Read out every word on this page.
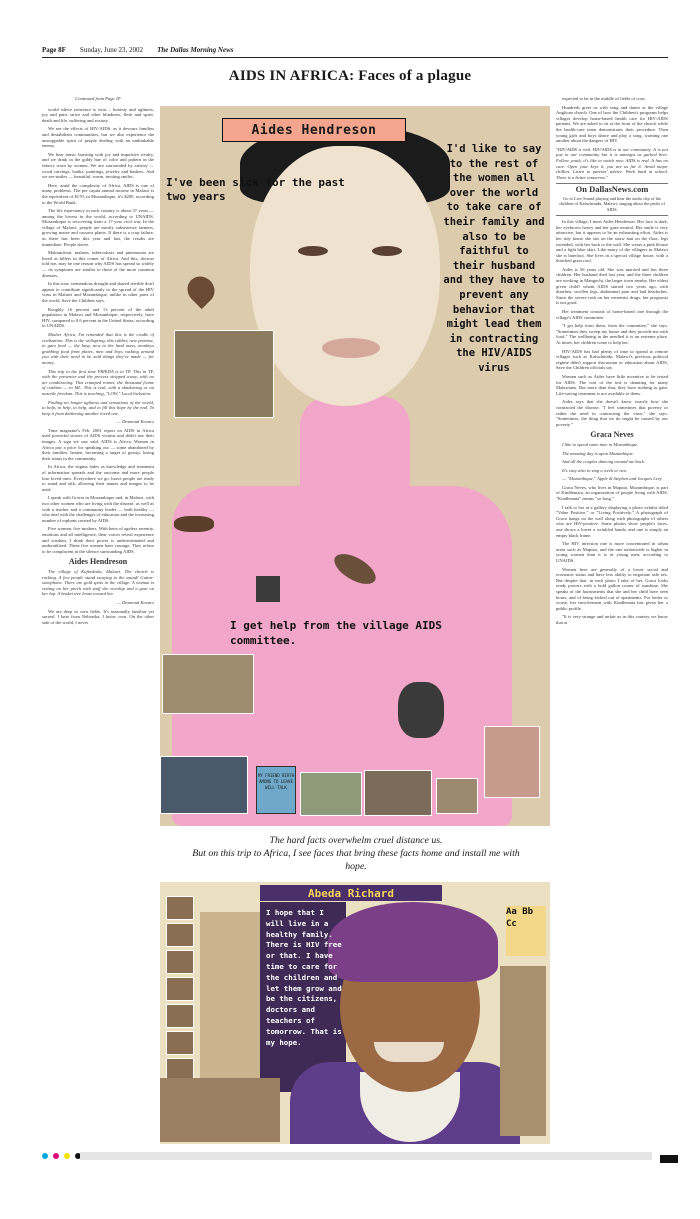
Page 8F Sunday, June 23, 2002 The Dallas Morning News
AIDS IN AFRICA: Faces of a plague

Continued from Page 1F

world where existence is exist – honesty and ugliness, joy and pain, strive and other blindness, flesh and spirit, death and life, suffering and ecstasy.

We see the effects of HIV/AIDS, as it devours families and destabilizes communities, but we also experience the unstoppable spirit of people dealing with an unthinkable enemy.

We hear music bursting with joy and impulsive rivalry, and we drink in the giddy hue of color and pattern in the fabrics worn by women. We are surrounded by artistry — wood carvings, batiks, paintings, jewelry and baskets. And we see smiles — beautiful, warm, inviting smiles.

Here, amid the complexity of Africa, AIDS is one of many problems. The per capita annual income in Malawi is the equivalent of $170, in Mozambique, it's $200, according to the World Bank.

The life expectancy in each country is about 37 years — among the lowest in the world, according to UNAIDS. Mozambique is recovering from a 17-year civil war. In the village of Malawi, people are mostly subsistence farmers, growing maize and cassava plants. If there is a crop failure, as there has been this year and last, the results are immediate. People starve.

Malnutrition, malaria, tuberculosis and pneumonia are listed as killers in this comer of Africa. And this, doctors told me, may be one reason why AIDS has spread so widely — its symptoms are similar to those of the more common diseases.

In this tone, tremendous drought and shared terrible don't appear to contribute significantly to the spread of the HIV virus in Malawi and Mozambique, unlike in other parts of the world, Save the Children says.

Roughly 16 percent and 13 percent of the adult population in Malawi and Mozambique, respectively, have HIV, compared to 0.6 percent in the United States, according to UNAIDS.

Mother Africa, I'm reminded that this is the cradle of civilization. This is the wellspring, this rubber, new promise, to gain food — the busy, new to the land mass, monkeys grabbing food from plates, men and boys rushing around you with their need to be sold things they've made — for money.

This trip in the first time FRIEDA is in TF. This in TF, with the presenter and the process stripped away, with no air conditioning. This cramped rooms, the thousand frame of cushion — in ML. This is real, with a shadowing or an unsettle freedom. This is teaching, "LOW," Local Inclusion.

Finding no longer ugliness and sensations of the world, to help, to help, to help, and to fill this hope by the end. To keep it from darkening another loved one.

— Desmond Kovacs

Time magazine's Feb. 2001 report on AIDS in Africa used powerful stories of AIDS victims and didn't use their images. A sign we saw said, AIDS is Africa. Women in Africa pay a price for speaking out — some abandoned by their families, beaten, becoming a target of gossip, losing their status in the community.

In Africa, the stigma fades as knowledge and treatment of information spreads and the outcome and more people lose loved ones. Everywhere we go, brave people are ready to stand and talk, allowing their names and images to be used.

I speak with Gracia in Mozambique and, in Malawi, with two other women who are living with the disease, as well as with a teacher and a community leader — both healthy — who deal with the challenges of education and the increasing number of orphans created by AIDS.

Five women, five mothers. With heirs of ageless serenity, emotions and all intelligence, their voices reveal experience and wisdom. I think their power is underestimated and underutilized. These five women have courage. They refuse to be complacent in the silence surrounding AIDS.

Aides Hendreson

The village of Kufindeula, Malawi. The church is rocking. A few people stand swaying to the sound! Guitar-saxophone. There are gold spots in the village. A woman is resting on her porch with stuff she worship and a goat on her lap. A basket tree leans toward her.

— Desmond Kovacs

We are deep in corn fields. It's seasonally familiar yet surreal. I hear from Nebraska, I know corn. On the other side of the world, I never

Aides Hendreson
I've been sick for the past two years
I'd like to say to the rest of the women all over the world to take care of their family and also to be faithful to their husband and they have to prevent any behavior that might lead them in contracting the HIV/AIDS virus
I get help from the village AIDS committee.
MY FRIEND BIRTH AMONG TO LEAVE WILL TALK
The hard facts overwhelm cruel distance us.
But on this trip to Africa, I see faces that bring these facts home and install me with hope.
Abeda Richard
I hope that I will live in a healthy family. There is HIV free or that. I have time to care for the children and let them grow and be the citizens, doctors and teachers of tomorrow. That is my hope.
Aa Bb Cc

expected to be in the middle of fields of corn.

Hundreds greet us with song and dance at the village Anglican church. One of how the Children's programs helps villages develop home-based health care for HIV/AIDS patients. We are asked to sit at the front of the church while the health-care team demonstrates their procedure. Then young girls and boys dance and play a song, warning one another about the dangers of HIV.

"HIV/AIDS is real. HIV/AIDS is in our community. It is not just in our community but it is amongst us garbed here. Follow youth, it's like to watch now. AIDS is real. It has no cure. Open your keys it, you are as far it. Avoid major chillies. Listen to parents' advice. Work hard in school. There is a better tomorrow."

On DallasNews.com
Go to Live Sound playing and hear the audio clip of the children of Kafuchinidu, Malawi, singing about the perils of AIDS.

In this village, I meet Aides Hendreson. Her face is dark, her eyebrows heavy and her gaze neutral. Her smile is very attractive, but it appears to be an exhausting effort. Aides is her tidy house she sits on the straw mat on the floor, legs extended, with her back to the wall. She wears a pink blouse and a light blue skirt. Like many of the villagers in Malawi she is barefoot. She lives in a special village house, with a thatched grass roof.

Aides is 56 years old. She was married and has three children. Her husband died last year, and the three children are working in Mangochi, the larger town nearby. Her eldest given child! whom AIDS started two years ago, with diarrhea, swollen legs, abdominal pain and bad headaches. Since the severe rash on her extremist drugs, her prognosis is not good.

Her treatment consists of home-based care through the village's AIDS committee.

"I get help from them, from the committee," she says. "Sometimes they sweep my house and they provide me with food." The wellbeing in the needled it is an extreme place. At times, her children come to help her.

HIV/AIDS has had plenty of time to spread to remote villages such as Kafuchinidu. Malawi's previous political regime didn't support discussion or education about AIDS, Save the Children officials say.

Women such as Aides have little incentive to be tested for AIDS. The cost of the test is daunting for many Malawians. But more than that, they have nothing to gain. Life-saving treatment is not available to them.

Aides says that she doesn't know exactly how she contracted the disease. "I feel sometimes that poverty or rather the need in contracting the virus," she says. "Sometimes, the thing that we do might be caused by our poverty."

Graca Neves

I like to spend some time in Mozambique.

The amazing day is upon Mozambique.

And all the couples dancing around me back.

It's easy also to sing a week or two.

— "Mozambique," Apple & Stephen and Jacques Levy

Graca Neves, who lives in Maputo, Mozambique, is part of Kindlemaia, an organization of people living with AIDS. "Kindlemaia" means "so-long."

I talk to her at a gallery displaying a photo exhibit titled "Value Positive," or "Living Positively." A photograph of Graca hangs on the wall along with photographs of others who are HIV-positive. Some photos show people's faces, one shows a lower a wrinkled hands, and one is simply an empty black frame.

The HIV infection rate is more concentrated in urban areas such as Maputo, and the rate nationwide is higher in young women than it is in young men, according to UNAIDS.

Women here are generally of a lower social and economic status and have less ability to negotiate safe sex. But despite that, in each photo I take of her, Graca looks ready powers with a bold gallon corner of sunshine. She speaks of the harassments that she and her child have seen hours, and of being kicked out of apartments. For better or worse, her involvement with Kindlemaia has given her a public profile.

"It is very strange and unfair as in this country we know that at
